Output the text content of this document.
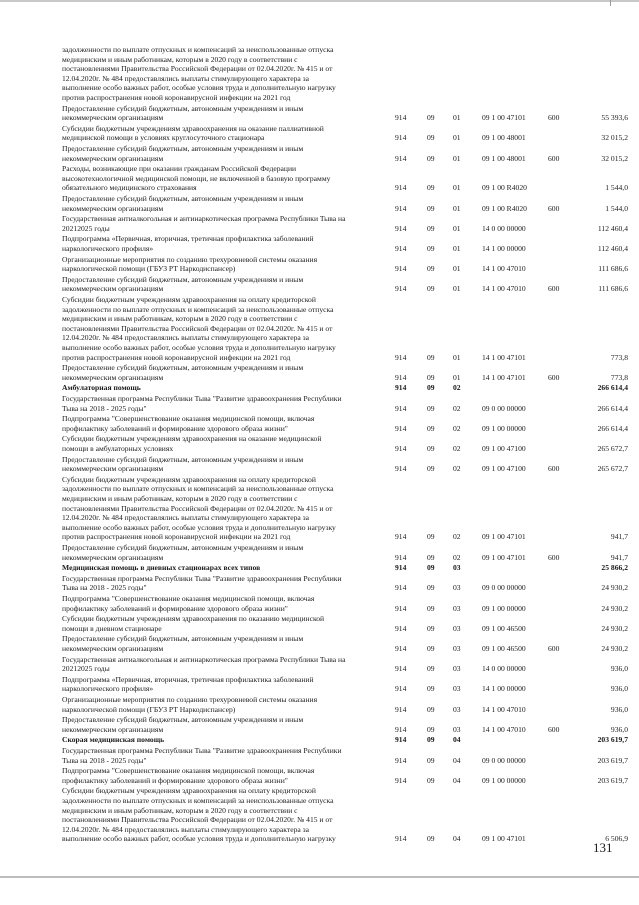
задолженности по выплате отпускных и компенсаций за неиспользованные отпуска
медицинским и иным работникам, которым в 2020 году в соответствии с
постановлениями Правительства Российской Федерации от 02.04.2020г. № 415 и от
12.04.2020г. № 484 предоставлялись выплаты стимулирующего характера за
выполнение особо важных работ, особые условия труда и дополнительную нагрузку
против распространения новой коронавирусной инфекции на 2021 год
Предоставление субсидий бюджетным, автономным учреждениям и иным
некоммерческим организациям	914	09 01	09 1 00 47101	600	55 393,6
Субсидии бюджетным учреждениям здравоохранения на оказание паллиативной
медицинской помощи в условиях круглосуточного стационара	914	09 01	09 1 00 48001	32 015,2
Предоставление субсидий бюджетным, автономным учреждениям и иным
некоммерческим организациям	914	09 01	09 1 00 48001	600	32 015,2
Расходы, возникающие при оказании гражданам Российской Федерации
высокотехнологичной медицинской помощи, не включенной в базовую программу
обязательного медицинского страхования	914	09 01	09 1 00 R4020	1 544,0
Предоставление субсидий бюджетным, автономным учреждениям и иным
некоммерческим организациям	914	09 01	09 1 00 R4020	600	1 544,0
Государственная антиалкогольная и антинаркотическая программа Республики Тыва на
20212025 годы	914	09 01	14 0 00 00000	112 460,4
Подпрограмма «Первичная, вторичная, третичная профилактика заболеваний
наркологического профиля»	914	09 01	14 1 00 00000	112 460,4
Организационные мероприятия по созданию трехуровневой системы оказания
наркологической помощи (ГБУЗ РТ Наркодиспансер)	914	09 01	14 1 00 47010	111 686,6
Предоставление субсидий бюджетным, автономным учреждениям и иным
некоммерческим организациям	914	09 01	14 1 00 47010	600	111 686,6
Субсидии бюджетным учреждениям здравоохранения на оплату кредиторской
задолженности по выплате отпускных и компенсаций за неиспользованные отпуска
медицинским и иным работникам, которым в 2020 году в соответствии с
постановлениями Правительства Российской Федерации от 02.04.2020г. № 415 и от
12.04.2020г. № 484 предоставлялись выплаты стимулирующего характера за
выполнение особо важных работ, особые условия труда и дополнительную нагрузку
против распространения новой коронавирусной инфекции на 2021 год	914	09 01	14 1 00 47101	773,8
Предоставление субсидий бюджетным, автономным учреждениям и иным
некоммерческим организациям	914	09 01	14 1 00 47101	600	773,8
Амбулаторная помощь	914	09 02	266 614,4
Государственная программа Республики Тыва "Развитие здравоохранения Республики
Тыва на 2018 - 2025 годы"	914	09 02	09 0 00 00000	266 614,4
Подпрограмма "Совершенствование оказания медицинской помощи, включая
профилактику заболеваний и формирование здорового образа жизни"	914	09 02	09 1 00 00000	266 614,4
Субсидии бюджетным учреждениям здравоохранения на оказание медицинской
помощи в амбулаторных условиях	914	09 02	09 1 00 47100	265 672,7
Предоставление субсидий бюджетным, автономным учреждениям и иным
некоммерческим организациям	914	09 02	09 1 00 47100	600	265 672,7
Субсидии бюджетным учреждениям здравоохранения на оплату кредиторской
задолженности по выплате отпускных и компенсаций за неиспользованные отпуска
медицинским и иным работникам, которым в 2020 году в соответствии с
постановлениями Правительства Российской Федерации от 02.04.2020г. № 415 и от
12.04.2020г. № 484 предоставлялись выплаты стимулирующего характера за
выполнение особо важных работ, особые условия труда и дополнительную нагрузку
против распространения новой коронавирусной инфекции на 2021 год	914	09 02	09 1 00 47101	941,7
Предоставление субсидий бюджетным, автономным учреждениям и иным
некоммерческим организациям	914	09 02	09 1 00 47101	600	941,7
Медицинская помощь в дневных стационарах всех типов	914	09 03	25 866,2
Государственная программа Республики Тыва "Развитие здравоохранения Республики
Тыва на 2018 - 2025 годы"	914	09 03	09 0 00 00000	24 930,2
Подпрограмма "Совершенствование оказания медицинской помощи, включая
профилактику заболеваний и формирование здорового образа жизни"	914	09 03	09 1 00 00000	24 930,2
Субсидии бюджетным учреждениям здравоохранения по оказанию медицинской
помощи в дневном стационаре	914	09 03	09 1 00 46500	24 930,2
Предоставление субсидий бюджетным, автономным учреждениям и иным
некоммерческим организациям	914	09 03	09 1 00 46500	600	24 930,2
Государственная антиалкогольная и антинаркотическая программа Республики Тыва на
20212025 годы	914	09 03	14 0 00 00000	936,0
Подпрограмма «Первичная, вторичная, третичная профилактика заболеваний
наркологического профиля»	914	09 03	14 1 00 00000	936,0
Организационные мероприятия по созданию трехуровневой системы оказания
наркологической помощи (ГБУЗ РТ Наркодиспансер)	914	09 03	14 1 00 47010	936,0
Предоставление субсидий бюджетным, автономным учреждениям и иным
некоммерческим организациям	914	09 03	14 1 00 47010	600	936,0
Скорая медицинская помощь	914	09 04	203 619,7
Государственная программа Республики Тыва "Развитие здравоохранения Республики
Тыва на 2018 - 2025 годы"	914	09 04	09 0 00 00000	203 619,7
Подпрограмма "Совершенствование оказания медицинской помощи, включая
профилактику заболеваний и формирование здорового образа жизни"	914	09 04	09 1 00 00000	203 619,7
Субсидии бюджетным учреждениям здравоохранения на оплату кредиторской
задолженности по выплате отпускных и компенсаций за неиспользованные отпуска
медицинским и иным работникам, которым в 2020 году в соответствии с
постановлениями Правительства Российской Федерации от 02.04.2020г. № 415 и от
12.04.2020г. № 484 предоставлялись выплаты стимулирующего характера за
выполнение особо важных работ, особые условия труда и дополнительную нагрузку	914	09 04	09 1 00 47101	6 506,9
131
